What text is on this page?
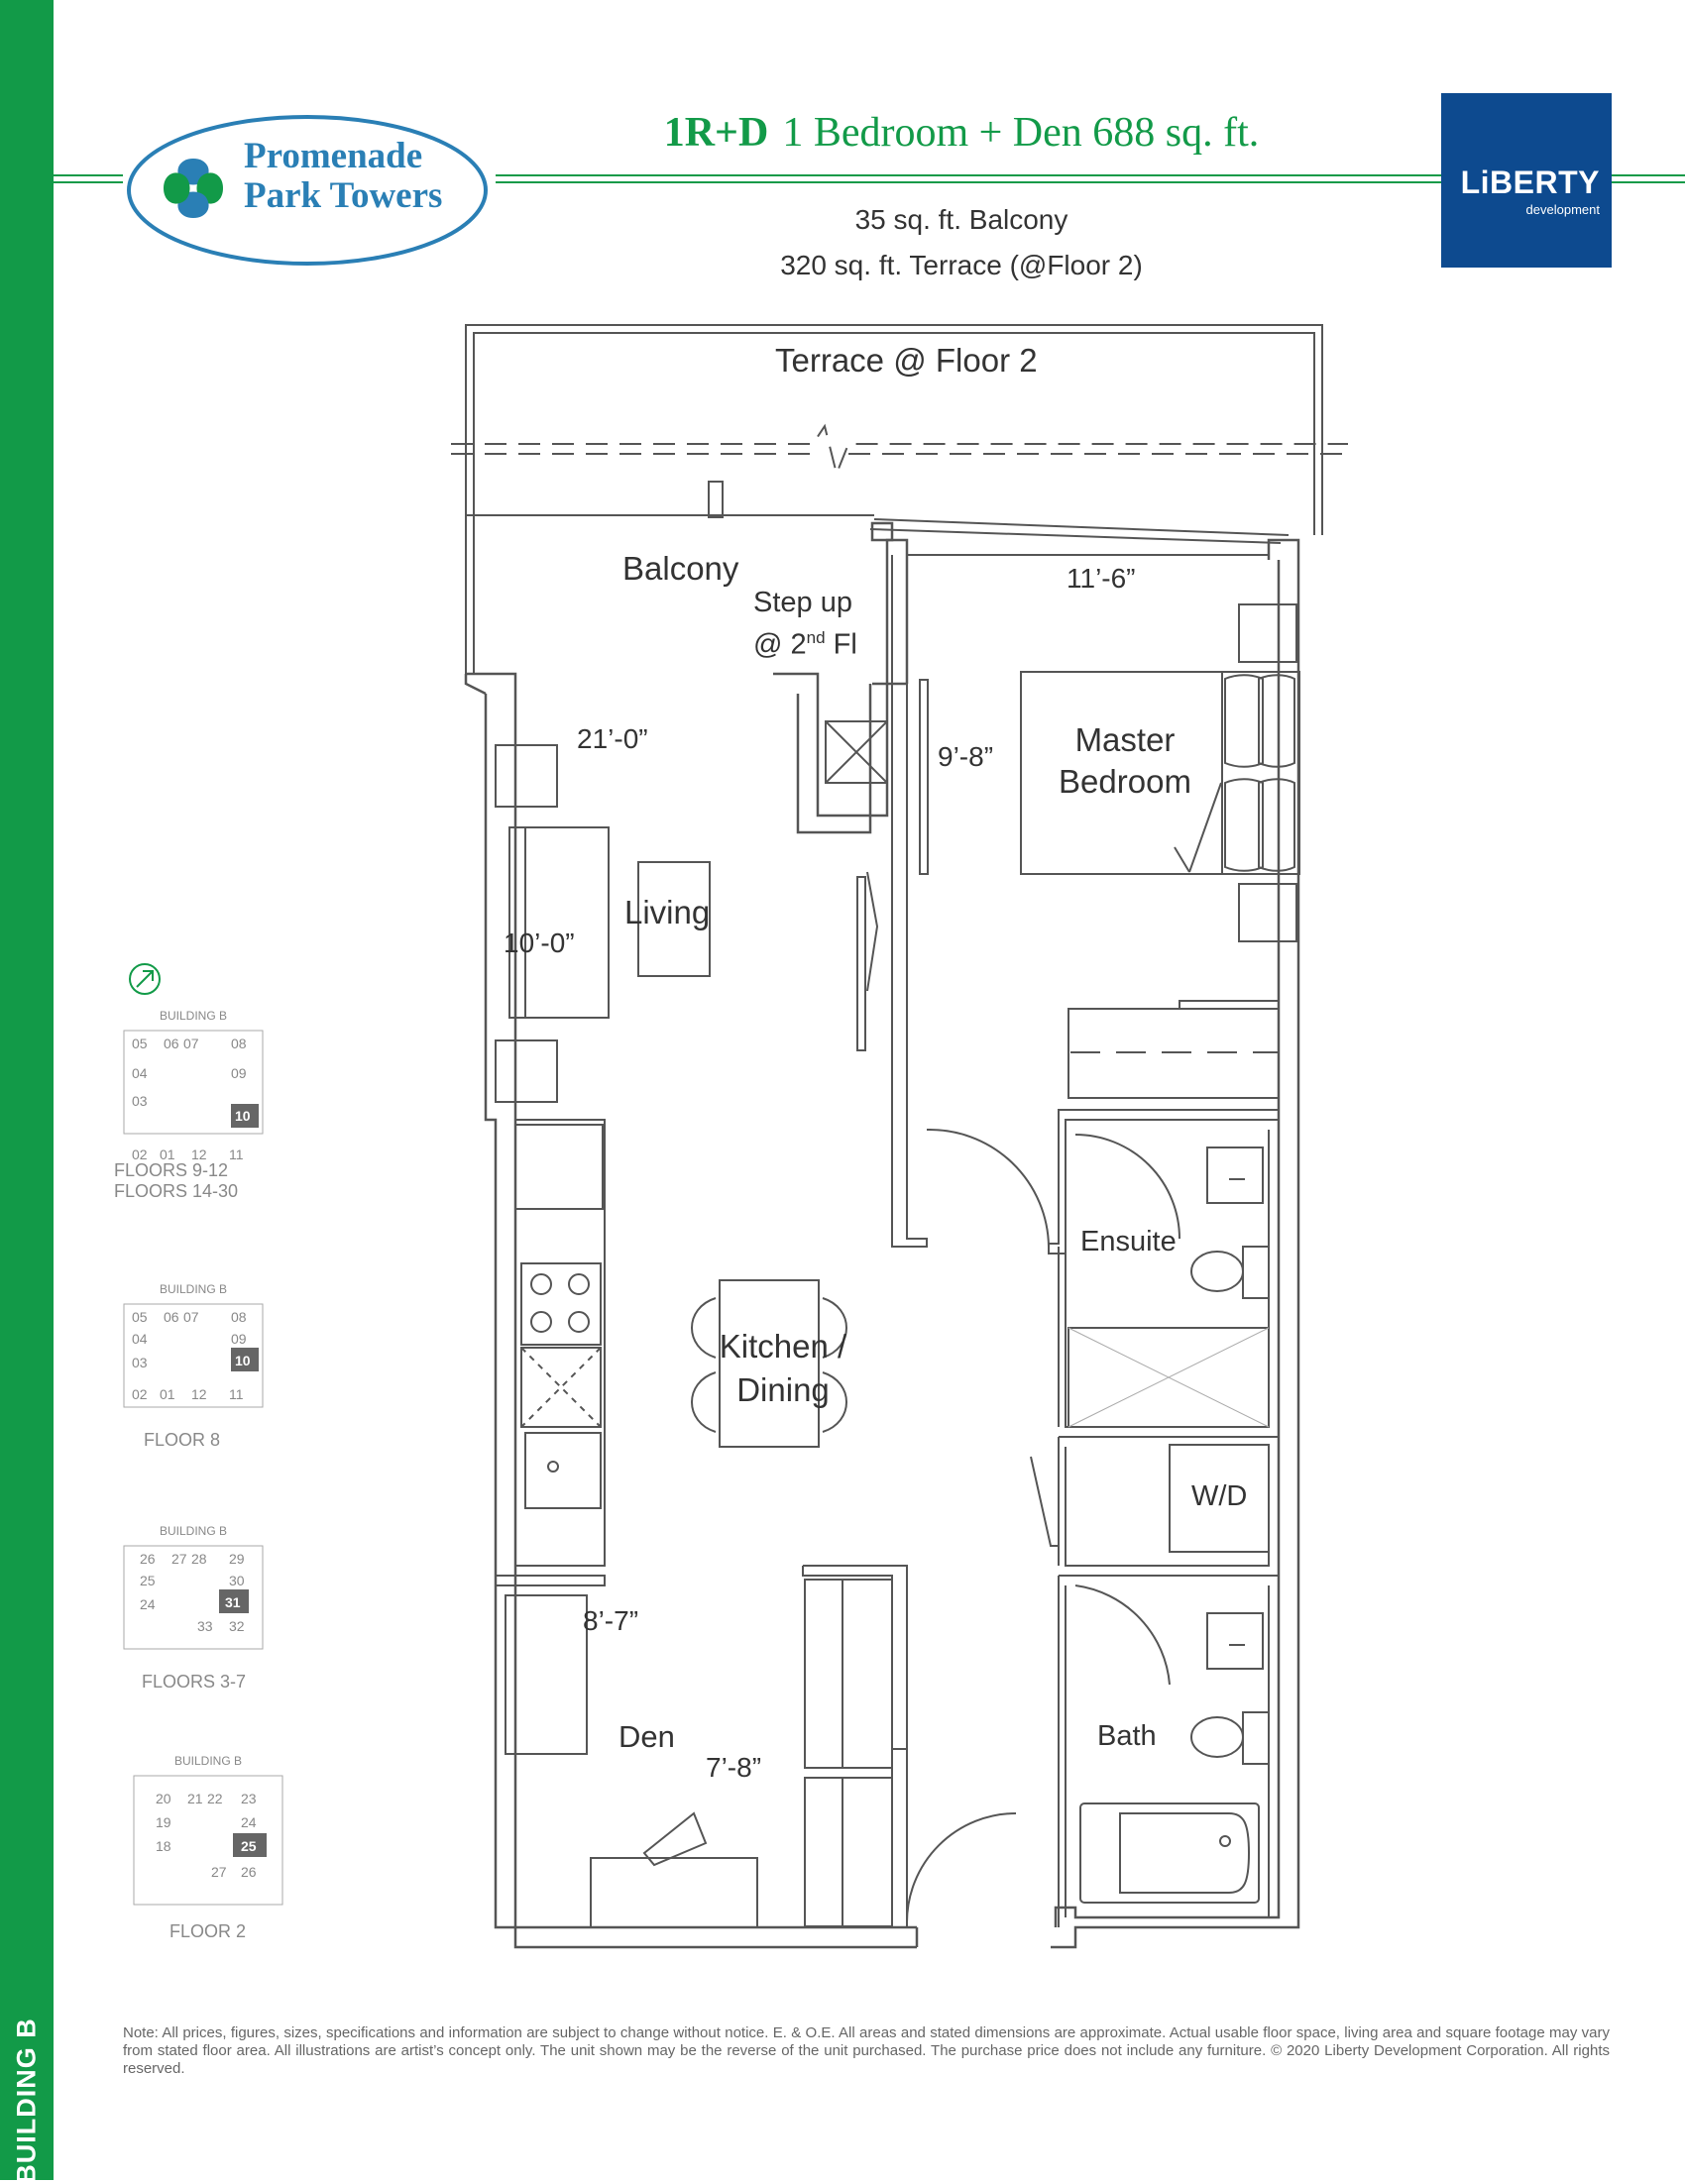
BUILDING B
Promenade
Park Towers
1R+D 1 Bedroom + Den 688 sq. ft.
35 sq. ft. Balcony
320 sq. ft. Terrace (@Floor 2)
LiBERTY
development
Terrace @ Floor 2
Balcony
Step up
@ 2nd Fl
Master
Bedroom
Living
Ensuite
Kitchen /
Dining
W/D
Bath
Den
11’-6”
21’-0”
9’-8”
10’-0”
8’-7”
7’-8”
BUILDING B
05 06 07 08
04	09
03
10
02 01 12 11
FLOORS 9-12
FLOORS 14-30
BUILDING B
05 06 07 08
04	09
03	10
02 01 12 11
FLOOR 8
BUILDING B
26 27 28 29
25	30
24	31
33 32
FLOORS 3-7
BUILDING B
20 21 22 23
19	24
18	25
27 26
FLOOR 2
Note: All prices, figures, sizes, specifications and information are subject to change without notice. E. & O.E. All areas and stated dimensions are approximate. Actual usable floor space, living area and square footage may vary from stated floor area. All illustrations are artist’s concept only. The unit shown may be the reverse of the unit purchased. The purchase price does not include any furniture. © 2020 Liberty Development Corporation. All rights reserved.
